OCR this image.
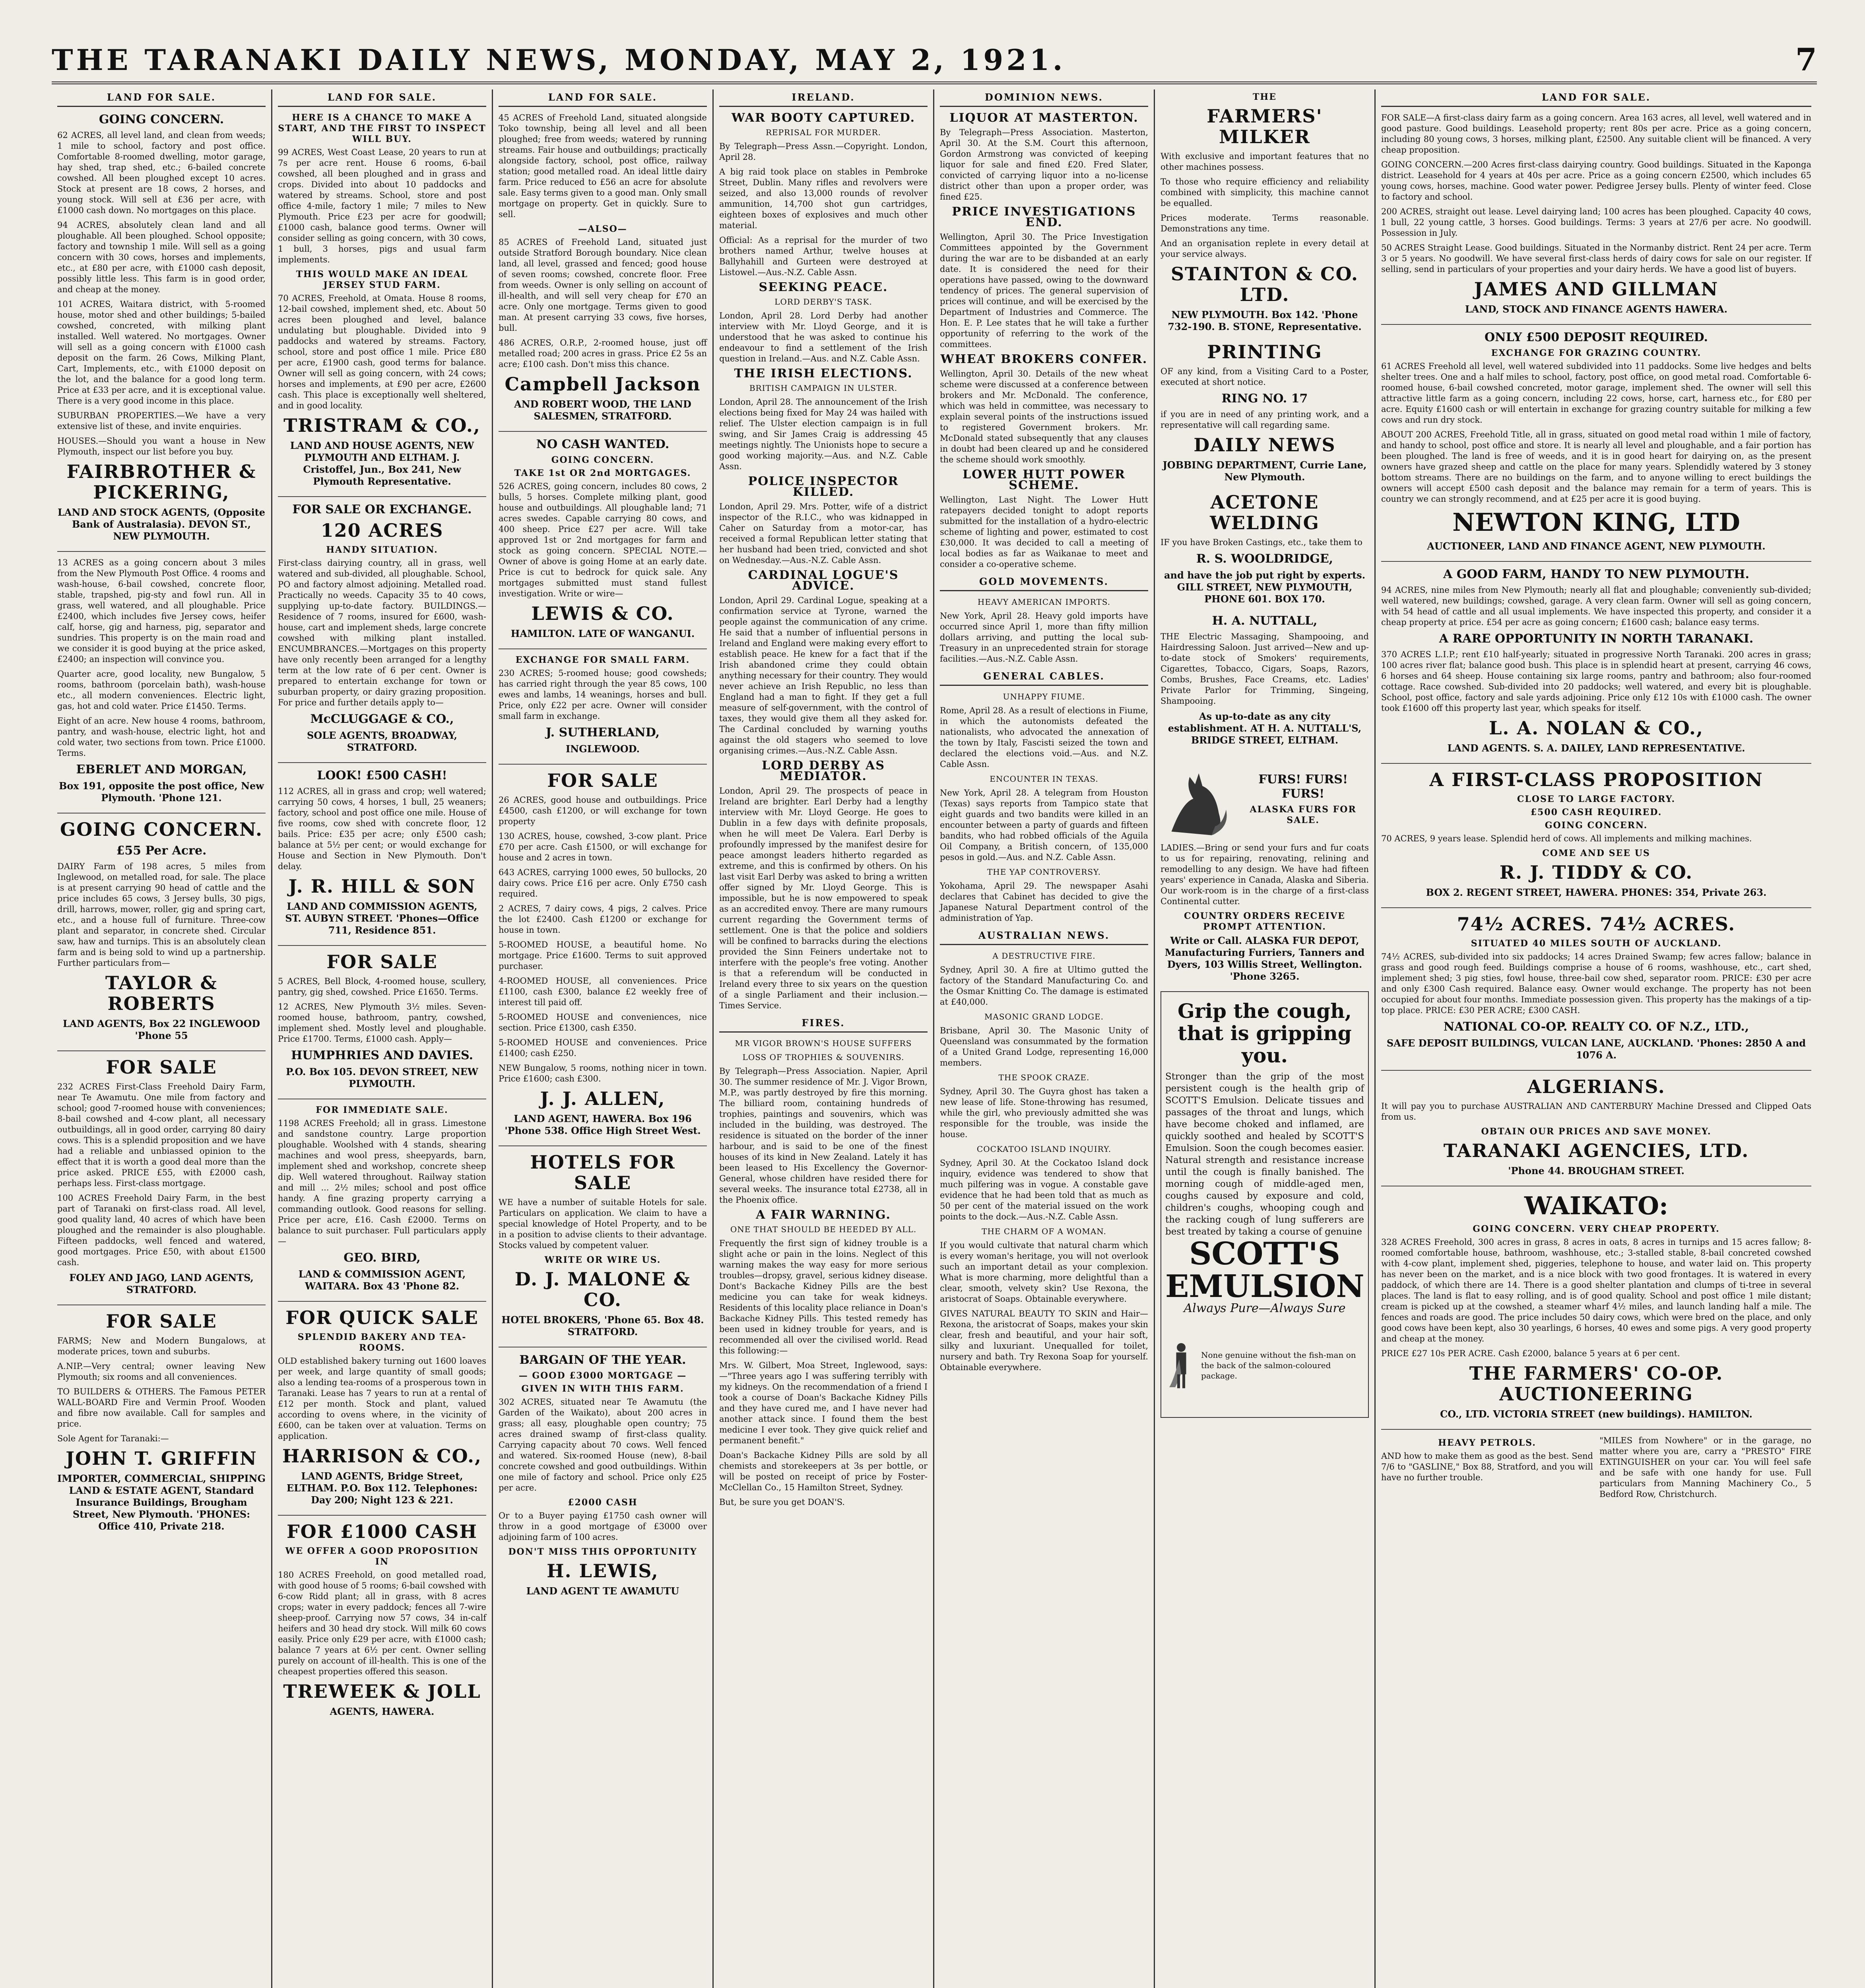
THE TARANAKI DAILY NEWS, MONDAY, MAY 2, 1921.	7
LAND FOR SALE.
GOING CONCERN.

62 ACRES, all level land, and clean from weeds; 1 mile to school, factory and post office. Comfortable 8-roomed dwelling, motor garage, hay shed, trap shed, etc.; 6-bailed concrete cowshed. All been ploughed except 10 acres. Stock at present are 18 cows, 2 horses, and young stock. Will sell at £36 per acre, with £1000 cash down. No mortgages on this place.

94 ACRES, absolutely clean land and all ploughable. All been ploughed. School opposite; factory and township 1 mile. Will sell as a going concern with 30 cows, horses and implements, etc., at £80 per acre, with £1000 cash deposit, possibly little less. This farm is in good order, and cheap at the money.

101 ACRES, Waitara district, with 5-roomed house, motor shed and other buildings; 5-bailed cowshed, concreted, with milking plant installed. Well watered. No mortgages. Owner will sell as a going concern with £1000 cash deposit on the farm. 26 Cows, Milking Plant, Cart, Implements, etc., with £1000 deposit on the lot, and the balance for a good long term. Price at £33 per acre, and it is exceptional value. There is a very good income in this place.

SUBURBAN PROPERTIES.—We have a very extensive list of these, and invite enquiries.

HOUSES.—Should you want a house in New Plymouth, inspect our list before you buy.

FAIRBROTHER & PICKERING,
LAND AND STOCK AGENTS, (Opposite Bank of Australasia). DEVON ST., NEW PLYMOUTH.

13 ACRES as a going concern about 3 miles from the New Plymouth Post Office. 4 rooms and wash-house, 6-bail cowshed, concrete floor, stable, trapshed, pig-sty and fowl run. All in grass, well watered, and all ploughable. Price £2400, which includes five Jersey cows, heifer calf, horse, gig and harness, pig, separator and sundries. This property is on the main road and we consider it is good buying at the price asked, £2400; an inspection will convince you.

Quarter acre, good locality, new Bungalow, 5 rooms, bathroom (porcelain bath), wash-house etc., all modern conveniences. Electric light, gas, hot and cold water. Price £1450. Terms.

Eight of an acre. New house 4 rooms, bathroom, pantry, and wash-house, electric light, hot and cold water, two sections from town. Price £1000. Terms.

EBERLET AND MORGAN,
Box 191, opposite the post office, New Plymouth. 'Phone 121.
GOING CONCERN.
£55 Per Acre.

DAIRY Farm of 198 acres, 5 miles from Inglewood, on metalled road, for sale. The place is at present carrying 90 head of cattle and the price includes 65 cows, 3 Jersey bulls, 30 pigs, drill, harrows, mower, roller, gig and spring cart, etc., and a house full of furniture. Three-cow plant and separator, in concrete shed. Circular saw, haw and turnips. This is an absolutely clean farm and is being sold to wind up a partnership. Further particulars from—

TAYLOR & ROBERTS
LAND AGENTS, Box 22 INGLEWOOD 'Phone 55
FOR SALE

232 ACRES First-Class Freehold Dairy Farm, near Te Awamutu. One mile from factory and school; good 7-roomed house with conveniences; 8-bail cowshed and 4-cow plant, all necessary outbuildings, all in good order, carrying 80 dairy cows. This is a splendid proposition and we have had a reliable and unbiassed opinion to the effect that it is worth a good deal more than the price asked. PRICE £55, with £2000 cash, perhaps less. First-class mortgage.

100 ACRES Freehold Dairy Farm, in the best part of Taranaki on first-class road. All level, good quality land, 40 acres of which have been ploughed and the remainder is also ploughable. Fifteen paddocks, well fenced and watered, good mortgages. Price £50, with about £1500 cash.

FOLEY AND JAGO, LAND AGENTS, STRATFORD.
FOR SALE

FARMS; New and Modern Bungalows, at moderate prices, town and suburbs.

A.NIP.—Very central; owner leaving New Plymouth; six rooms and all conveniences.

TO BUILDERS & OTHERS. The Famous PETER WALL-BOARD Fire and Vermin Proof. Wooden and fibre now available. Call for samples and price.

Sole Agent for Taranaki:—

JOHN T. GRIFFIN
IMPORTER, COMMERCIAL, SHIPPING LAND & ESTATE AGENT, Standard Insurance Buildings, Brougham Street, New Plymouth. 'PHONES: Office 410, Private 218.
LAND FOR SALE.
HERE IS A CHANCE TO MAKE A START, AND THE FIRST TO INSPECT WILL BUY.

99 ACRES, West Coast Lease, 20 years to run at 7s per acre rent. House 6 rooms, 6-bail cowshed, all been ploughed and in grass and crops. Divided into about 10 paddocks and watered by streams. School, store and post office 4-mile, factory 1 mile; 7 miles to New Plymouth. Price £23 per acre for goodwill; £1000 cash, balance good terms. Owner will consider selling as going concern, with 30 cows, 1 bull, 3 horses, pigs and usual farm implements.

THIS WOULD MAKE AN IDEAL JERSEY STUD FARM.

70 ACRES, Freehold, at Omata. House 8 rooms, 12-bail cowshed, implement shed, etc. About 50 acres been ploughed and level, balance undulating but ploughable. Divided into 9 paddocks and watered by streams. Factory, school, store and post office 1 mile. Price £80 per acre, £1900 cash, good terms for balance. Owner will sell as going concern, with 24 cows; horses and implements, at £90 per acre, £2600 cash. This place is exceptionally well sheltered, and in good locality.

TRISTRAM & CO.,
LAND AND HOUSE AGENTS, NEW PLYMOUTH AND ELTHAM. J. Cristoffel, Jun., Box 241, New Plymouth Representative.
FOR SALE OR EXCHANGE.
120 ACRES
HANDY SITUATION.

First-class dairying country, all in grass, well watered and sub-divided, all ploughable. School, PO and factory almost adjoining. Metalled road. Practically no weeds. Capacity 35 to 40 cows, supplying up-to-date factory. BUILDINGS.—Residence of 7 rooms, insured for £600, wash-house, cart and implement sheds, large concrete cowshed with milking plant installed. ENCUMBRANCES.—Mortgages on this property have only recently been arranged for a lengthy term at the low rate of 6 per cent. Owner is prepared to entertain exchange for town or suburban property, or dairy grazing proposition. For price and further details apply to—

McCLUGGAGE & CO.,
SOLE AGENTS, BROADWAY, STRATFORD.
LOOK! £500 CASH!

112 ACRES, all in grass and crop; well watered; carrying 50 cows, 4 horses, 1 bull, 25 weaners; factory, school and post office one mile. House of five rooms, cow shed with concrete floor, 12 bails. Price: £35 per acre; only £500 cash; balance at 5½ per cent; or would exchange for House and Section in New Plymouth. Don't delay.

J. R. HILL & SON
LAND AND COMMISSION AGENTS, ST. AUBYN STREET. 'Phones—Office 711, Residence 851.
FOR SALE

5 ACRES, Bell Block, 4-roomed house, scullery, pantry, gig shed, cowshed. Price £1650. Terms.

12 ACRES, New Plymouth 3½ miles. Seven-roomed house, bathroom, pantry, cowshed, implement shed. Mostly level and ploughable. Price £1700. Terms, £1000 cash. Apply—

HUMPHRIES AND DAVIES.
P.O. Box 105. DEVON STREET, NEW PLYMOUTH.
FOR IMMEDIATE SALE.

1198 ACRES Freehold; all in grass. Limestone and sandstone country. Large proportion ploughable. Woolshed with 4 stands, shearing machines and wool press, sheepyards, barn, implement shed and workshop, concrete sheep dip. Well watered throughout. Railway station and mill ... 2½ miles; school and post office handy. A fine grazing property carrying a commanding outlook. Good reasons for selling. Price per acre, £16. Cash £2000. Terms on balance to suit purchaser. Full particulars apply—

GEO. BIRD,
LAND & COMMISSION AGENT, WAITARA. Box 43 'Phone 82.
FOR QUICK SALE
SPLENDID BAKERY AND TEA-ROOMS.

OLD established bakery turning out 1600 loaves per week, and large quantity of small goods; also a lending tea-rooms of a prosperous town in Taranaki. Lease has 7 years to run at a rental of £12 per month. Stock and plant, valued according to ovens where, in the vicinity of £600, can be taken over at valuation. Terms on application.

HARRISON & CO.,
LAND AGENTS, Bridge Street, ELTHAM. P.O. Box 112. Telephones: Day 200; Night 123 & 221.
FOR £1000 CASH
WE OFFER A GOOD PROPOSITION IN

180 ACRES Freehold, on good metalled road, with good house of 5 rooms; 6-bail cowshed with 6-cow Ridd plant; all in grass, with 8 acres crops; water in every paddock; fences all 7-wire sheep-proof. Carrying now 57 cows, 34 in-calf heifers and 30 head dry stock. Will milk 60 cows easily. Price only £29 per acre, with £1000 cash; balance 7 years at 6½ per cent. Owner selling purely on account of ill-health. This is one of the cheapest properties offered this season.

TREWEEK & JOLL
AGENTS, HAWERA.
LAND FOR SALE.

45 ACRES of Freehold Land, situated alongside Toko township, being all level and all been ploughed; free from weeds; watered by running streams. Fair house and outbuildings; practically alongside factory, school, post office, railway station; good metalled road. An ideal little dairy farm. Price reduced to £56 an acre for absolute sale. Easy terms given to a good man. Only small mortgage on property. Get in quickly. Sure to sell.

—ALSO—

85 ACRES of Freehold Land, situated just outside Stratford Borough boundary. Nice clean land, all level, grassed and fenced; good house of seven rooms; cowshed, concrete floor. Free from weeds. Owner is only selling on account of ill-health, and will sell very cheap for £70 an acre. Only one mortgage. Terms given to good man. At present carrying 33 cows, five horses, bull.

486 ACRES, O.R.P., 2-roomed house, just off metalled road; 200 acres in grass. Price £2 5s an acre; £100 cash. Don't miss this chance.

Campbell Jackson
AND ROBERT WOOD, THE LAND SALESMEN, STRATFORD.
NO CASH WANTED.
GOING CONCERN.
TAKE 1st OR 2nd MORTGAGES.

526 ACRES, going concern, includes 80 cows, 2 bulls, 5 horses. Complete milking plant, good house and outbuildings. All ploughable land; 71 acres swedes. Capable carrying 80 cows, and 400 sheep. Price £27 per acre. Will take approved 1st or 2nd mortgages for farm and stock as going concern. SPECIAL NOTE.—Owner of above is going Home at an early date. Price is cut to bedrock for quick sale. Any mortgages submitted must stand fullest investigation. Write or wire—

LEWIS & CO.
HAMILTON. LATE OF WANGANUI.
EXCHANGE FOR SMALL FARM.

230 ACRES; 5-roomed house; good cowsheds; has carried right through the year 85 cows, 100 ewes and lambs, 14 weanings, horses and bull. Price, only £22 per acre. Owner will consider small farm in exchange.

J. SUTHERLAND,
INGLEWOOD.
FOR SALE

26 ACRES, good house and outbuildings. Price £4500, cash £1200, or will exchange for town property

130 ACRES, house, cowshed, 3-cow plant. Price £70 per acre. Cash £1500, or will exchange for house and 2 acres in town.

643 ACRES, carrying 1000 ewes, 50 bullocks, 20 dairy cows. Price £16 per acre. Only £750 cash required.

2 ACRES, 7 dairy cows, 4 pigs, 2 calves. Price the lot £2400. Cash £1200 or exchange for house in town.

5-ROOMED HOUSE, a beautiful home. No mortgage. Price £1600. Terms to suit approved purchaser.

4-ROOMED HOUSE, all conveniences. Price £1100, cash £300, balance £2 weekly free of interest till paid off.

5-ROOMED HOUSE and conveniences, nice section. Price £1300, cash £350.

5-ROOMED HOUSE and conveniences. Price £1400; cash £250.

NEW Bungalow, 5 rooms, nothing nicer in town. Price £1600; cash £300.

J. J. ALLEN,
LAND AGENT, HAWERA. Box 196 'Phone 538. Office High Street West.
HOTELS FOR SALE

WE have a number of suitable Hotels for sale. Particulars on application. We claim to have a special knowledge of Hotel Property, and to be in a position to advise clients to their advantage. Stocks valued by competent valuer.

WRITE OR WIRE US.
D. J. MALONE & CO.
HOTEL BROKERS, 'Phone 65. Box 48. STRATFORD.
BARGAIN OF THE YEAR.
— GOOD £3000 MORTGAGE —
GIVEN IN WITH THIS FARM.

302 ACRES, situated near Te Awamutu (the Garden of the Waikato), about 200 acres in grass; all easy, ploughable open country; 75 acres drained swamp of first-class quality. Carrying capacity about 70 cows. Well fenced and watered. Six-roomed House (new), 8-bail concrete cowshed and good outbuildings. Within one mile of factory and school. Price only £25 per acre.

£2000 CASH

Or to a Buyer paying £1750 cash owner will throw in a good mortgage of £3000 over adjoining farm of 100 acres.

DON'T MISS THIS OPPORTUNITY
H. LEWIS,
LAND AGENT TE AWAMUTU
IRELAND.
WAR BOOTY CAPTURED.
REPRISAL FOR MURDER.

By Telegraph—Press Assn.—Copyright. London, April 28.

A big raid took place on stables in Pembroke Street, Dublin. Many rifles and revolvers were seized, and also 13,000 rounds of revolver ammunition, 14,700 shot gun cartridges, eighteen boxes of explosives and much other material.

Official: As a reprisal for the murder of two brothers named Arthur, twelve houses at Ballyhahill and Gurteen were destroyed at Listowel.—Aus.-N.Z. Cable Assn.

SEEKING PEACE.
LORD DERBY'S TASK.

London, April 28. Lord Derby had another interview with Mr. Lloyd George, and it is understood that he was asked to continue his endeavour to find a settlement of the Irish question in Ireland.—Aus. and N.Z. Cable Assn.

THE IRISH ELECTIONS.
BRITISH CAMPAIGN IN ULSTER.

London, April 28. The announcement of the Irish elections being fixed for May 24 was hailed with relief. The Ulster election campaign is in full swing, and Sir James Craig is addressing 45 meetings nightly. The Unionists hope to secure a good working majority.—Aus. and N.Z. Cable Assn.

POLICE INSPECTOR KILLED.

London, April 29. Mrs. Potter, wife of a district inspector of the R.I.C., who was kidnapped in Caher on Saturday from a motor-car, has received a formal Republican letter stating that her husband had been tried, convicted and shot on Wednesday.—Aus.-N.Z. Cable Assn.

CARDINAL LOGUE'S ADVICE.

London, April 29. Cardinal Logue, speaking at a confirmation service at Tyrone, warned the people against the communication of any crime. He said that a number of influential persons in Ireland and England were making every effort to establish peace. He knew for a fact that if the Irish abandoned crime they could obtain anything necessary for their country. They would never achieve an Irish Republic, no less than England had a man to fight. If they get a full measure of self-government, with the control of taxes, they would give them all they asked for. The Cardinal concluded by warning youths against the old stagers who seemed to love organising crimes.—Aus.-N.Z. Cable Assn.

LORD DERBY AS MEDIATOR.

London, April 29. The prospects of peace in Ireland are brighter. Earl Derby had a lengthy interview with Mr. Lloyd George. He goes to Dublin in a few days with definite proposals, when he will meet De Valera. Earl Derby is profoundly impressed by the manifest desire for peace amongst leaders hitherto regarded as extreme, and this is confirmed by others. On his last visit Earl Derby was asked to bring a written offer signed by Mr. Lloyd George. This is impossible, but he is now empowered to speak as an accredited envoy. There are many rumours current regarding the Government terms of settlement. One is that the police and soldiers will be confined to barracks during the elections provided the Sinn Feiners undertake not to interfere with the people's free voting. Another is that a referendum will be conducted in Ireland every three to six years on the question of a single Parliament and their inclusion.—Times Service.

FIRES.
MR VIGOR BROWN'S HOUSE SUFFERS
LOSS OF TROPHIES & SOUVENIRS.

By Telegraph—Press Association. Napier, April 30. The summer residence of Mr. J. Vigor Brown, M.P., was partly destroyed by fire this morning. The billiard room, containing hundreds of trophies, paintings and souvenirs, which was included in the building, was destroyed. The residence is situated on the border of the inner harbour, and is said to be one of the finest houses of its kind in New Zealand. Lately it has been leased to His Excellency the Governor-General, whose children have resided there for several weeks. The insurance total £2738, all in the Phoenix office.

A FAIR WARNING.
ONE THAT SHOULD BE HEEDED BY ALL.

Frequently the first sign of kidney trouble is a slight ache or pain in the loins. Neglect of this warning makes the way easy for more serious troubles—dropsy, gravel, serious kidney disease. Dont's Backache Kidney Pills are the best medicine you can take for weak kidneys. Residents of this locality place reliance in Doan's Backache Kidney Pills. This tested remedy has been used in kidney trouble for years, and is recommended all over the civilised world. Read this following:—

Mrs. W. Gilbert, Moa Street, Inglewood, says:—"Three years ago I was suffering terribly with my kidneys. On the recommendation of a friend I took a course of Doan's Backache Kidney Pills and they have cured me, and I have never had another attack since. I found them the best medicine I ever took. They give quick relief and permanent benefit."

Doan's Backache Kidney Pills are sold by all chemists and storekeepers at 3s per bottle, or will be posted on receipt of price by Foster-McClellan Co., 15 Hamilton Street, Sydney.

But, be sure you get DOAN'S.

DOMINION NEWS.
LIQUOR AT MASTERTON.

By Telegraph—Press Association. Masterton, April 30. At the S.M. Court this afternoon, Gordon Armstrong was convicted of keeping liquor for sale and fined £20. Fred Slater, convicted of carrying liquor into a no-license district other than upon a proper order, was fined £25.

PRICE INVESTIGATIONS END.

Wellington, April 30. The Price Investigation Committees appointed by the Government during the war are to be disbanded at an early date. It is considered the need for their operations have passed, owing to the downward tendency of prices. The general supervision of prices will continue, and will be exercised by the Department of Industries and Commerce. The Hon. E. P. Lee states that he will take a further opportunity of referring to the work of the committees.

WHEAT BROKERS CONFER.

Wellington, April 30. Details of the new wheat scheme were discussed at a conference between brokers and Mr. McDonald. The conference, which was held in committee, was necessary to explain several points of the instructions issued to registered Government brokers. Mr. McDonald stated subsequently that any clauses in doubt had been cleared up and he considered the scheme should work smoothly.

LOWER HUTT POWER SCHEME.

Wellington, Last Night. The Lower Hutt ratepayers decided tonight to adopt reports submitted for the installation of a hydro-electric scheme of lighting and power, estimated to cost £30,000. It was decided to call a meeting of local bodies as far as Waikanae to meet and consider a co-operative scheme.

GOLD MOVEMENTS.
HEAVY AMERICAN IMPORTS.

New York, April 28. Heavy gold imports have occurred since April 1, more than fifty million dollars arriving, and putting the local sub-Treasury in an unprecedented strain for storage facilities.—Aus.-N.Z. Cable Assn.

GENERAL CABLES.
UNHAPPY FIUME.

Rome, April 28. As a result of elections in Fiume, in which the autonomists defeated the nationalists, who advocated the annexation of the town by Italy, Fascisti seized the town and declared the elections void.—Aus. and N.Z. Cable Assn.

ENCOUNTER IN TEXAS.

New York, April 28. A telegram from Houston (Texas) says reports from Tampico state that eight guards and two bandits were killed in an encounter between a party of guards and fifteen bandits, who had robbed officials of the Aguila Oil Company, a British concern, of 135,000 pesos in gold.—Aus. and N.Z. Cable Assn.

THE YAP CONTROVERSY.

Yokohama, April 29. The newspaper Asahi declares that Cabinet has decided to give the Japanese Natural Department control of the administration of Yap.

AUSTRALIAN NEWS.
A DESTRUCTIVE FIRE.

Sydney, April 30. A fire at Ultimo gutted the factory of the Standard Manufacturing Co. and the Osmar Knitting Co. The damage is estimated at £40,000.

MASONIC GRAND LODGE.

Brisbane, April 30. The Masonic Unity of Queensland was consummated by the formation of a United Grand Lodge, representing 16,000 members.

THE SPOOK CRAZE.

Sydney, April 30. The Guyra ghost has taken a new lease of life. Stone-throwing has resumed, while the girl, who previously admitted she was responsible for the trouble, was inside the house.

COCKATOO ISLAND INQUIRY.

Sydney, April 30. At the Cockatoo Island dock inquiry, evidence was tendered to show that much pilfering was in vogue. A constable gave evidence that he had been told that as much as 50 per cent of the material issued on the work points to the dock.—Aus.-N.Z. Cable Assn.

THE CHARM OF A WOMAN.

If you would cultivate that natural charm which is every woman's heritage, you will not overlook such an important detail as your complexion. What is more charming, more delightful than a clear, smooth, velvety skin? Use Rexona, the aristocrat of Soaps. Obtainable everywhere.

GIVES NATURAL BEAUTY TO SKIN and Hair—Rexona, the aristocrat of Soaps, makes your skin clear, fresh and beautiful, and your hair soft, silky and luxuriant. Unequalled for toilet, nursery and bath. Try Rexona Soap for yourself. Obtainable everywhere.

THE
FARMERS' MILKER

With exclusive and important features that no other machines possess.

To those who require efficiency and reliability combined with simplicity, this machine cannot be equalled.

Prices moderate. Terms reasonable. Demonstrations any time.

And an organisation replete in every detail at your service always.

STAINTON & CO. LTD.
NEW PLYMOUTH. Box 142. 'Phone 732-190. B. STONE, Representative.
PRINTING

OF any kind, from a Visiting Card to a Poster, executed at short notice.

RING NO. 17

if you are in need of any printing work, and a representative will call regarding same.

DAILY NEWS
JOBBING DEPARTMENT, Currie Lane, New Plymouth.
ACETONE WELDING

IF you have Broken Castings, etc., take them to

R. S. WOOLDRIDGE,
and have the job put right by experts. GILL STREET, NEW PLYMOUTH, PHONE 601. BOX 170.
H. A. NUTTALL,

THE Electric Massaging, Shampooing, and Hairdressing Saloon. Just arrived—New and up-to-date stock of Smokers' requirements, Cigarettes, Tobacco, Cigars, Soaps, Razors, Combs, Brushes, Face Creams, etc. Ladies' Private Parlor for Trimming, Singeing, Shampooing.

As up-to-date as any city establishment. AT H. A. NUTTALL'S, BRIDGE STREET, ELTHAM.
FURS! FURS! FURS!
ALASKA FURS FOR SALE.

LADIES.—Bring or send your furs and fur coats to us for repairing, renovating, relining and remodelling to any design. We have had fifteen years' experience in Canada, Alaska and Siberia. Our work-room is in the charge of a first-class Continental cutter.

COUNTRY ORDERS RECEIVE PROMPT ATTENTION.
Write or Call. ALASKA FUR DEPOT, Manufacturing Furriers, Tanners and Dyers, 103 Willis Street, Wellington. 'Phone 3265.
Grip the cough, that is gripping you.
Stronger than the grip of the most persistent cough is the health grip of SCOTT'S Emulsion. Delicate tissues and passages of the throat and lungs, which have become choked and inflamed, are quickly soothed and healed by SCOTT'S Emulsion. Soon the cough becomes easier. Natural strength and resistance increase until the cough is finally banished. The morning cough of middle-aged men, coughs caused by exposure and cold, children's coughs, whooping cough and the racking cough of lung sufferers are best treated by taking a course of genuine
SCOTT'S EMULSION
Always Pure—Always Sure
None genuine without the fish-man on the back of the salmon-coloured package.
LAND FOR SALE.

FOR SALE—A first-class dairy farm as a going concern. Area 163 acres, all level, well watered and in good pasture. Good buildings. Leasehold property; rent 80s per acre. Price as a going concern, including 80 young cows, 3 horses, milking plant, £2500. Any suitable client will be financed. A very cheap proposition.

GOING CONCERN.—200 Acres first-class dairying country. Good buildings. Situated in the Kaponga district. Leasehold for 4 years at 40s per acre. Price as a going concern £2500, which includes 65 young cows, horses, machine. Good water power. Pedigree Jersey bulls. Plenty of winter feed. Close to factory and school.

200 ACRES, straight out lease. Level dairying land; 100 acres has been ploughed. Capacity 40 cows, 1 bull, 22 young cattle, 3 horses. Good buildings. Terms: 3 years at 27/6 per acre. No goodwill. Possession in July.

50 ACRES Straight Lease. Good buildings. Situated in the Normanby district. Rent 24 per acre. Term 3 or 5 years. No goodwill. We have several first-class herds of dairy cows for sale on our register. If selling, send in particulars of your properties and your dairy herds. We have a good list of buyers.

JAMES AND GILLMAN
LAND, STOCK AND FINANCE AGENTS HAWERA.
ONLY £500 DEPOSIT REQUIRED.
EXCHANGE FOR GRAZING COUNTRY.

61 ACRES Freehold all level, well watered subdivided into 11 paddocks. Some live hedges and belts shelter trees. One and a half miles to school, factory, post office, on good metal road. Comfortable 6-roomed house, 6-bail cowshed concreted, motor garage, implement shed. The owner will sell this attractive little farm as a going concern, including 22 cows, horse, cart, harness etc., for £80 per acre. Equity £1600 cash or will entertain in exchange for grazing country suitable for milking a few cows and run dry stock.

ABOUT 200 ACRES, Freehold Title, all in grass, situated on good metal road within 1 mile of factory, and handy to school, post office and store. It is nearly all level and ploughable, and a fair portion has been ploughed. The land is free of weeds, and it is in good heart for dairying on, as the present owners have grazed sheep and cattle on the place for many years. Splendidly watered by 3 stoney bottom streams. There are no buildings on the farm, and to anyone willing to erect buildings the owners will accept £500 cash deposit and the balance may remain for a term of years. This is country we can strongly recommend, and at £25 per acre it is good buying.

NEWTON KING, LTD
AUCTIONEER, LAND AND FINANCE AGENT, NEW PLYMOUTH.
A GOOD FARM, HANDY TO NEW PLYMOUTH.

94 ACRES, nine miles from New Plymouth; nearly all flat and ploughable; conveniently sub-divided; well watered, new buildings; cowshed, garage. A very clean farm. Owner will sell as going concern, with 54 head of cattle and all usual implements. We have inspected this property, and consider it a cheap property at price. £54 per acre as going concern; £1600 cash; balance easy terms.

A RARE OPPORTUNITY IN NORTH TARANAKI.

370 ACRES L.I.P.; rent £10 half-yearly; situated in progressive North Taranaki. 200 acres in grass; 100 acres river flat; balance good bush. This place is in splendid heart at present, carrying 46 cows, 6 horses and 64 sheep. House containing six large rooms, pantry and bathroom; also four-roomed cottage. Race cowshed. Sub-divided into 20 paddocks; well watered, and every bit is ploughable. School, post office, factory and sale yards adjoining. Price only £12 10s with £1000 cash. The owner took £1600 off this property last year, which speaks for itself.

L. A. NOLAN & CO.,
LAND AGENTS. S. A. DAILEY, LAND REPRESENTATIVE.
A FIRST-CLASS PROPOSITION
CLOSE TO LARGE FACTORY.
£500 CASH REQUIRED.
GOING CONCERN.

70 ACRES, 9 years lease. Splendid herd of cows. All implements and milking machines.

COME AND SEE US
R. J. TIDDY & CO.
BOX 2. REGENT STREET, HAWERA. PHONES: 354, Private 263.
74½ ACRES. 74½ ACRES.
SITUATED 40 MILES SOUTH OF AUCKLAND.

74½ ACRES, sub-divided into six paddocks; 14 acres Drained Swamp; few acres fallow; balance in grass and good rough feed. Buildings comprise a house of 6 rooms, washhouse, etc., cart shed, implement shed; 3 pig sties, fowl house, three-bail cow shed, separator room. PRICE: £30 per acre and only £300 Cash required. Balance easy. Owner would exchange. The property has not been occupied for about four months. Immediate possession given. This property has the makings of a tip-top place. PRICE: £30 PER ACRE; £300 CASH.

NATIONAL CO-OP. REALTY CO. OF N.Z., LTD.,
SAFE DEPOSIT BUILDINGS, VULCAN LANE, AUCKLAND. 'Phones: 2850 A and 1076 A.
ALGERIANS.

It will pay you to purchase AUSTRALIAN AND CANTERBURY Machine Dressed and Clipped Oats from us.

OBTAIN OUR PRICES AND SAVE MONEY.
TARANAKI AGENCIES, LTD.
'Phone 44. BROUGHAM STREET.
WAIKATO:
GOING CONCERN. VERY CHEAP PROPERTY.

328 ACRES Freehold, 300 acres in grass, 8 acres in oats, 8 acres in turnips and 15 acres fallow; 8-roomed comfortable house, bathroom, washhouse, etc.; 3-stalled stable, 8-bail concreted cowshed with 4-cow plant, implement shed, piggeries, telephone to house, and water laid on. This property has never been on the market, and is a nice block with two good frontages. It is watered in every paddock, of which there are 14. There is a good shelter plantation and clumps of ti-tree in several places. The land is flat to easy rolling, and is of good quality. School and post office 1 mile distant; cream is picked up at the cowshed, a steamer wharf 4½ miles, and launch landing half a mile. The fences and roads are good. The price includes 50 dairy cows, which were bred on the place, and only good cows have been kept, also 30 yearlings, 6 horses, 40 ewes and some pigs. A very good property and cheap at the money.

PRICE £27 10s PER ACRE. Cash £2000, balance 5 years at 6 per cent.

THE FARMERS' CO-OP. AUCTIONEERING
CO., LTD. VICTORIA STREET (new buildings). HAMILTON.
HEAVY PETROLS.

AND how to make them as good as the best. Send 7/6 to "GASLINE," Box 88, Stratford, and you will have no further trouble.

"MILES from Nowhere" or in the garage, no matter where you are, carry a "PRESTO" FIRE EXTINGUISHER on your car. You will feel safe and be safe with one handy for use. Full particulars from Manning Machinery Co., 5 Bedford Row, Christchurch.
